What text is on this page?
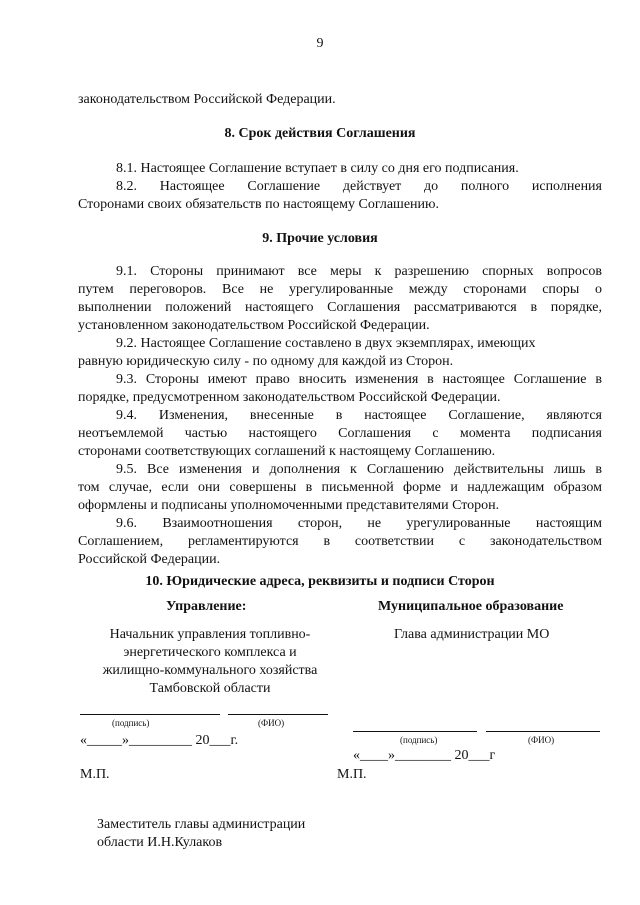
9
законодательством Российской Федерации.
8. Срок действия Соглашения
8.1. Настоящее Соглашение вступает в силу со дня его подписания.
8.2. Настоящее Соглашение действует до полного исполнения
Сторонами своих обязательств по настоящему Соглашению.
9. Прочие условия
9.1. Стороны принимают все меры к разрешению спорных вопросов
путем переговоров. Все не урегулированные между сторонами споры о
выполнении положений настоящего Соглашения рассматриваются в порядке,
установленном законодательством Российской Федерации.
9.2. Настоящее Соглашение составлено в двух экземплярах, имеющих
равную юридическую силу - по одному для каждой из Сторон.
9.3. Стороны имеют право вносить изменения в настоящее Соглашение в
порядке, предусмотренном законодательством Российской Федерации.
9.4. Изменения, внесенные в настоящее Соглашение, являются
неотъемлемой частью настоящего Соглашения с момента подписания
сторонами соответствующих соглашений к настоящему Соглашению.
9.5. Все изменения и дополнения к Соглашению действительны лишь в
том случае, если они совершены в письменной форме и надлежащим образом
оформлены и подписаны уполномоченными представителями Сторон.
9.6. Взаимоотношения сторон, не урегулированные настоящим
Соглашением, регламентируются в соответствии с законодательством
Российской Федерации.
10. Юридические адреса, реквизиты и подписи Сторон
Управление:
Начальник управления топливно-
энергетического комплекса и
жилищно-коммунального хозяйства
Тамбовской области
(подпись)	(ФИО)
«_____»_________ 20___г.
М.П.
Муниципальное образование
Глава администрации МО
(подпись)	(ФИО)
«____»________ 20___г
М.П.
Заместитель главы администрации
области И.Н.Кулаков
